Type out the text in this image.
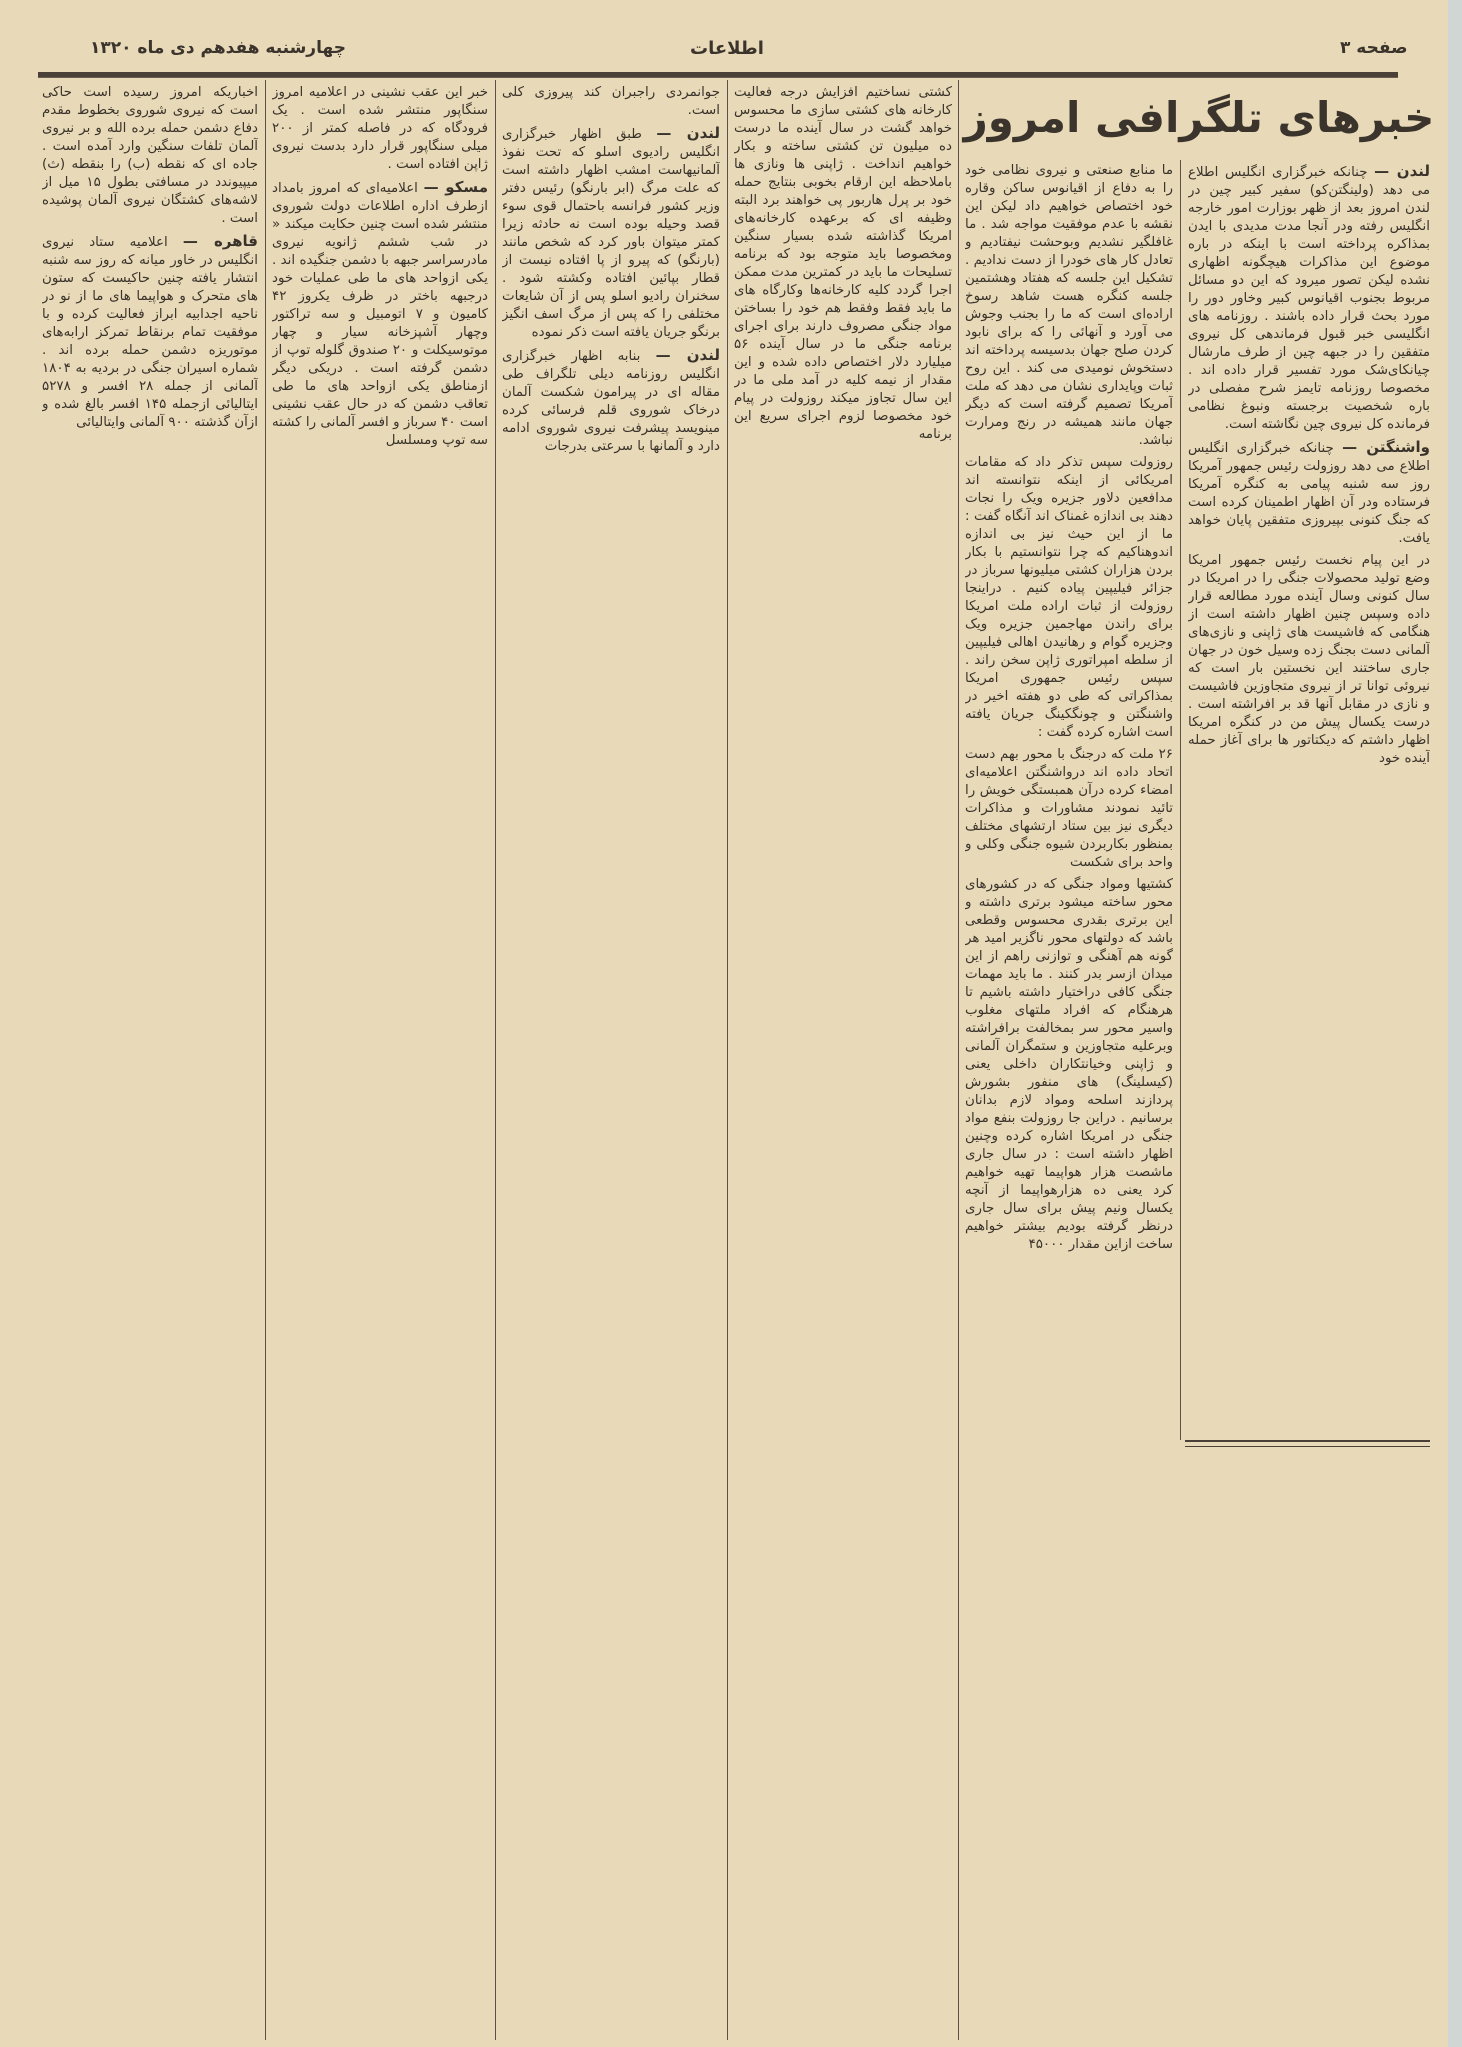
صفحه ۳
اطلاعات
چهارشنبه هفدهم دی ماه ۱۳۲۰
خبرهای تلگرافی امروز

لندن — چنانکه خبرگزاری انگلیس اطلاع می دهد (ولینگتن‌کو) سفیر کبیر چین در لندن امروز بعد از ظهر بوزارت امور خارجه انگلیس رفته ودر آنجا مدت مدیدی با ایدن بمذاکره پرداخته است با اینکه در باره موضوع این مذاکرات هیچگونه اظهاری نشده لیکن تصور میرود که این دو مسائل مربوط بجنوب اقیانوس کبیر وخاور دور را مورد بحث قرار داده باشند . روزنامه های انگلیسی خبر قبول فرماندهی کل نیروی متفقین را در جبهه چین از طرف مارشال چیانکای‌شک مورد تفسیر قرار داده اند . مخصوصا روزنامه تایمز شرح مفصلی در باره شخصیت برجسته ونبوغ نظامی فرمانده کل نیروی چین نگاشته است.

واشنگتن — چنانکه خبرگزاری انگلیس اطلاع می دهد روزولت رئیس جمهور آمریکا روز سه شنبه پیامی به کنگره آمریکا فرستاده ودر آن اظهار اطمینان کرده است که جنگ کنونی بپیروزی متفقین پایان خواهد یافت.

در این پیام نخست رئیس جمهور امریکا وضع تولید محصولات جنگی را در امریکا در سال کنونی وسال آینده مورد مطالعه قرار داده وسپس چنین اظهار داشته است از هنگامی که فاشیست های ژاپنی و نازی‌های آلمانی دست بجنگ زده وسیل خون در جهان جاری ساختند این نخستین بار است که نیروئی توانا تر از نیروی متجاوزین فاشیست و نازی در مقابل آنها قد بر افراشته است . درست یکسال پیش من در کنگره امریکا اظهار داشتم که دیکتاتور ها برای آغاز حمله آینده خود

ما منابع صنعتی و نیروی نظامی خود را به دفاع از اقیانوس ساکن وقاره خود اختصاص خواهیم داد لیکن این نقشه با عدم موفقیت مواجه شد . ما غافلگیر نشدیم وبوحشت نیفتادیم و تعادل کار های خودرا از دست ندادیم . تشکیل این جلسه که هفتاد وهشتمین جلسه کنگره هست شاهد رسوخ اراده‌ای است که ما را بجنب وجوش می آورد و آنهائی را که برای نابود کردن صلح جهان بدسیسه پرداخته اند دستخوش نومیدی می کند . این روح ثبات وپایداری نشان می دهد که ملت آمریکا تصمیم گرفته است که دیگر جهان مانند همیشه در رنج ومرارت نباشد.

روزولت سپس تذکر داد که مقامات امریکائی از اینکه نتوانسته اند مدافعین دلاور جزیره ویک را نجات دهند بی اندازه غمناک اند آنگاه گفت : ما از این حیث نیز بی اندازه اندوهناکیم که چرا نتوانستیم با بکار بردن هزاران کشتی میلیونها سرباز در جزائر فیلیپین پیاده کنیم . دراینجا روزولت از ثبات اراده ملت امریکا برای راندن مهاجمین جزیره ویک وجزیره گوام و رهانیدن اهالی فیلیپین از سلطه امپراتوری ژاپن سخن راند . سپس رئیس جمهوری امریکا بمذاکراتی که طی دو هفته اخیر در واشنگتن و چونگکینگ جریان یافته است اشاره کرده گفت :

۲۶ ملت که درجنگ با محور بهم دست اتحاد داده اند درواشنگتن اعلامیه‌ای امضاء کرده درآن همبستگی خویش را تائید نمودند مشاورات و مذاکرات دیگری نیز بین ستاد ارتشهای مختلف بمنظور بکاربردن شیوه جنگی وکلی و واحد برای شکست

کشتیها ومواد جنگی که در کشورهای محور ساخته میشود برتری داشته و این برتری بقدری محسوس وقطعی باشد که دولتهای محور ناگزیر امید هر گونه هم آهنگی و توازنی راهم از این میدان ازسر بدر کنند . ما باید مهمات جنگی کافی دراختیار داشته باشیم تا هرهنگام که افراد ملتهای مغلوب واسیر محور سر بمخالفت برافراشته وبرعلیه متجاوزین و ستمگران آلمانی و ژاپنی وخیانتکاران داخلی یعنی (کیسلینگ) های منفور بشورش پردازند اسلحه ومواد لازم بدانان برسانیم . دراین جا روزولت بنفع مواد جنگی در امریکا اشاره کرده وچنین اظهار داشته است : در سال جاری ماشصت هزار هواپیما تهیه خواهیم کرد یعنی ده هزارهواپیما از آنچه یکسال ونیم پیش برای سال جاری درنظر گرفته بودیم بیشتر خواهیم ساخت ازاین مقدار ۴۵۰۰۰

کشتی نساختیم افزایش درجه فعالیت کارخانه های کشتی سازی ما محسوس خواهد گشت در سال آینده ما درست ده میلیون تن کشتی ساخته و بکار خواهیم انداخت . ژاپنی ها ونازی ها باملاحظه این ارقام بخوبی بنتایج حمله خود بر پرل هاربور پی خواهند برد البته وظیفه ای که برعهده کارخانه‌های امریکا گذاشته شده بسیار سنگین ومخصوصا باید متوجه بود که برنامه تسلیحات ما باید در کمترین مدت ممکن اجرا گردد کلیه کارخانه‌ها وکارگاه های ما باید فقط وفقط هم خود را بساختن مواد جنگی مصروف دارند برای اجرای برنامه جنگی ما در سال آینده ۵۶ میلیارد دلار اختصاص داده شده و این مقدار از نیمه کلیه در آمد ملی ما در این سال تجاوز میکند روزولت در پیام خود مخصوصا لزوم اجرای سریع این برنامه

جوانمردی راجبران کند پیروزی کلی است.

لندن — طبق اظهار خبرگزاری انگلیس رادیوی اسلو که تحت نفوذ آلمانیهاست امشب اظهار داشته است که علت مرگ (ابر بارنگو) رئیس دفتر وزیر کشور فرانسه باحتمال قوی سوء قصد وحیله بوده است نه حادثه زیرا کمتر میتوان باور کرد که شخص مانند (بارنگو) که پیرو از پا افتاده نیست از قطار بپائین افتاده وکشته شود . سخنران رادیو اسلو پس از آن شایعات مختلفی را که پس از مرگ اسف انگیز برنگو جریان یافته است ذکر نموده

لندن — بنابه اظهار خبرگزاری انگلیس روزنامه دیلی تلگراف طی مقاله ای در پیرامون شکست آلمان درخاک شوروی قلم فرسائی کرده مینویسد پیشرفت نیروی شوروی ادامه دارد و آلمانها با سرعتی بدرجات

خبر این عقب نشینی در اعلامیه امروز سنگاپور منتشر شده است . یک فرودگاه که در فاصله کمتر از ۲۰۰ میلی سنگاپور قرار دارد بدست نیروی ژاپن افتاده است .

مسکو — اعلامیه‌ای که امروز بامداد ازطرف اداره اطلاعات دولت شوروی منتشر شده است چنین حکایت میکند « در شب ششم ژانویه نیروی مادرسراسر جبهه با دشمن جنگیده اند . یکی ازواحد های ما طی عملیات خود درجبهه باختر در ظرف یکروز ۴۲ کامیون و ۷ اتومبیل و سه تراکتور وچهار آشپزخانه سیار و چهار موتوسیکلت و ۲۰ صندوق گلوله توپ از دشمن گرفته است . دریکی دیگر ازمناطق یکی ازواحد های ما طی تعاقب دشمن که در حال عقب نشینی است ۴۰ سرباز و افسر آلمانی را کشته سه توپ ومسلسل

اخباریکه امروز رسیده است حاکی است که نیروی شوروی بخطوط مقدم دفاع دشمن حمله برده الله و بر نیروی آلمان تلفات سنگین وارد آمده است . جاده ای که نقطه (ب) را بنقطه (ث) میپیوندد در مسافتی بطول ۱۵ میل از لاشه‌های کشتگان نیروی آلمان پوشیده است .

قاهره — اعلامیه ستاد نیروی انگلیس در خاور میانه که روز سه شنبه انتشار یافته چنین حاکیست که ستون های متحرک و هواپیما های ما از نو در ناحیه اجدابیه ابراز فعالیت کرده و با موفقیت تمام برنقاط تمرکز ارابه‌های موتوریزه دشمن حمله برده اند . شماره اسیران جنگی در بردیه به ۱۸۰۴ آلمانی از جمله ۲۸ افسر و ۵۲۷۸ ایتالیائی ازجمله ۱۴۵ افسر بالغ شده و ازآن گذشته ۹۰۰ آلمانی وایتالیائی
